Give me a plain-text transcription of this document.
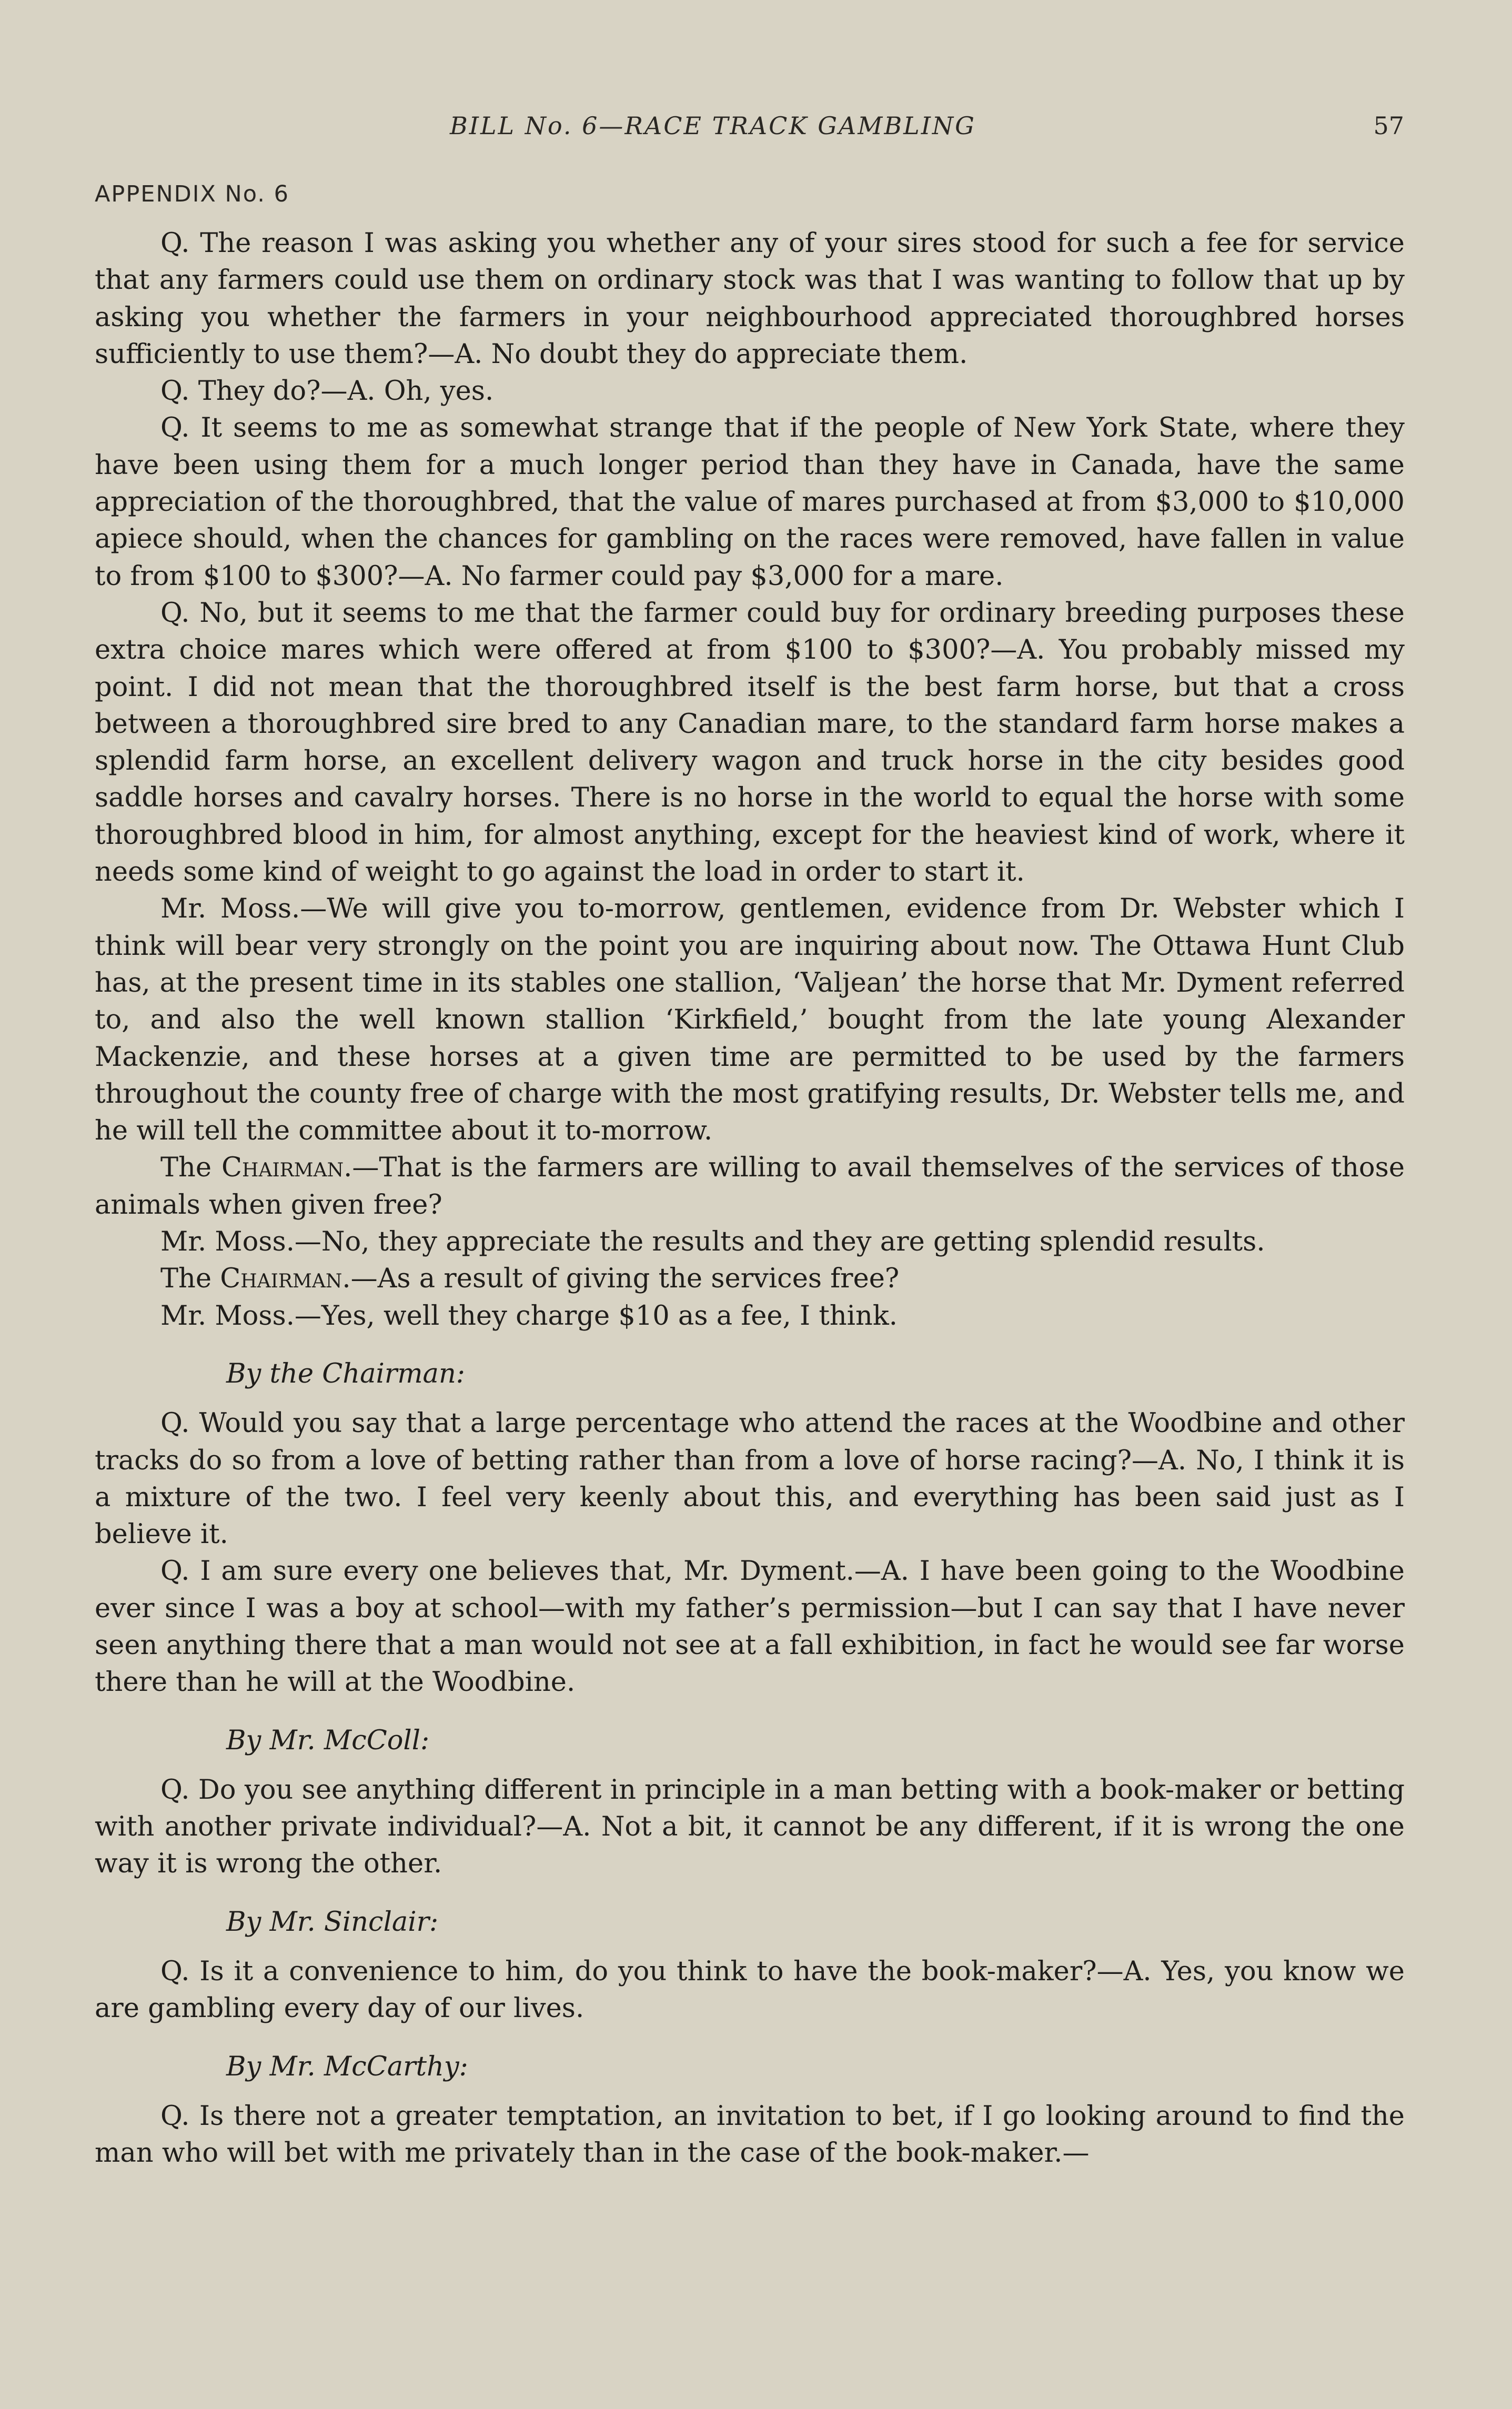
BILL No. 6—RACE TRACK GAMBLING	57
APPENDIX No. 6

Q. The reason I was asking you whether any of your sires stood for such a fee for service that any farmers could use them on ordinary stock was that I was wanting to follow that up by asking you whether the farmers in your neighbourhood appreciated thoroughbred horses sufficiently to use them?—A. No doubt they do appreciate them.

Q. They do?—A. Oh, yes.

Q. It seems to me as somewhat strange that if the people of New York State, where they have been using them for a much longer period than they have in Canada, have the same appreciation of the thoroughbred, that the value of mares purchased at from $3,000 to $10,000 apiece should, when the chances for gambling on the races were removed, have fallen in value to from $100 to $300?—A. No farmer could pay $3,000 for a mare.

Q. No, but it seems to me that the farmer could buy for ordinary breeding purposes these extra choice mares which were offered at from $100 to $300?—A. You probably missed my point. I did not mean that the thoroughbred itself is the best farm horse, but that a cross between a thoroughbred sire bred to any Canadian mare, to the standard farm horse makes a splendid farm horse, an excellent delivery wagon and truck horse in the city besides good saddle horses and cavalry horses. There is no horse in the world to equal the horse with some thoroughbred blood in him, for almost anything, except for the heaviest kind of work, where it needs some kind of weight to go against the load in order to start it.

Mr. Moss.—We will give you to-morrow, gentlemen, evidence from Dr. Webster which I think will bear very strongly on the point you are inquiring about now. The Ottawa Hunt Club has, at the present time in its stables one stallion, ‘Valjean’ the horse that Mr. Dyment referred to, and also the well known stallion ‘Kirkfield,’ bought from the late young Alexander Mackenzie, and these horses at a given time are permitted to be used by the farmers throughout the county free of charge with the most gratifying results, Dr. Webster tells me, and he will tell the committee about it to-morrow.

The Chairman.—That is the farmers are willing to avail themselves of the services of those animals when given free?

Mr. Moss.—No, they appreciate the results and they are getting splendid results.

The Chairman.—As a result of giving the services free?

Mr. Moss.—Yes, well they charge $10 as a fee, I think.

By the Chairman:

Q. Would you say that a large percentage who attend the races at the Woodbine and other tracks do so from a love of betting rather than from a love of horse racing?—A. No, I think it is a mixture of the two. I feel very keenly about this, and everything has been said just as I believe it.

Q. I am sure every one believes that, Mr. Dyment.—A. I have been going to the Woodbine ever since I was a boy at school—with my father’s permission—but I can say that I have never seen anything there that a man would not see at a fall exhibition, in fact he would see far worse there than he will at the Woodbine.

By Mr. McColl:

Q. Do you see anything different in principle in a man betting with a book-maker or betting with another private individual?—A. Not a bit, it cannot be any different, if it is wrong the one way it is wrong the other.

By Mr. Sinclair:

Q. Is it a convenience to him, do you think to have the book-maker?—A. Yes, you know we are gambling every day of our lives.

By Mr. McCarthy:

Q. Is there not a greater temptation, an invitation to bet, if I go looking around to find the man who will bet with me privately than in the case of the book-maker.—
